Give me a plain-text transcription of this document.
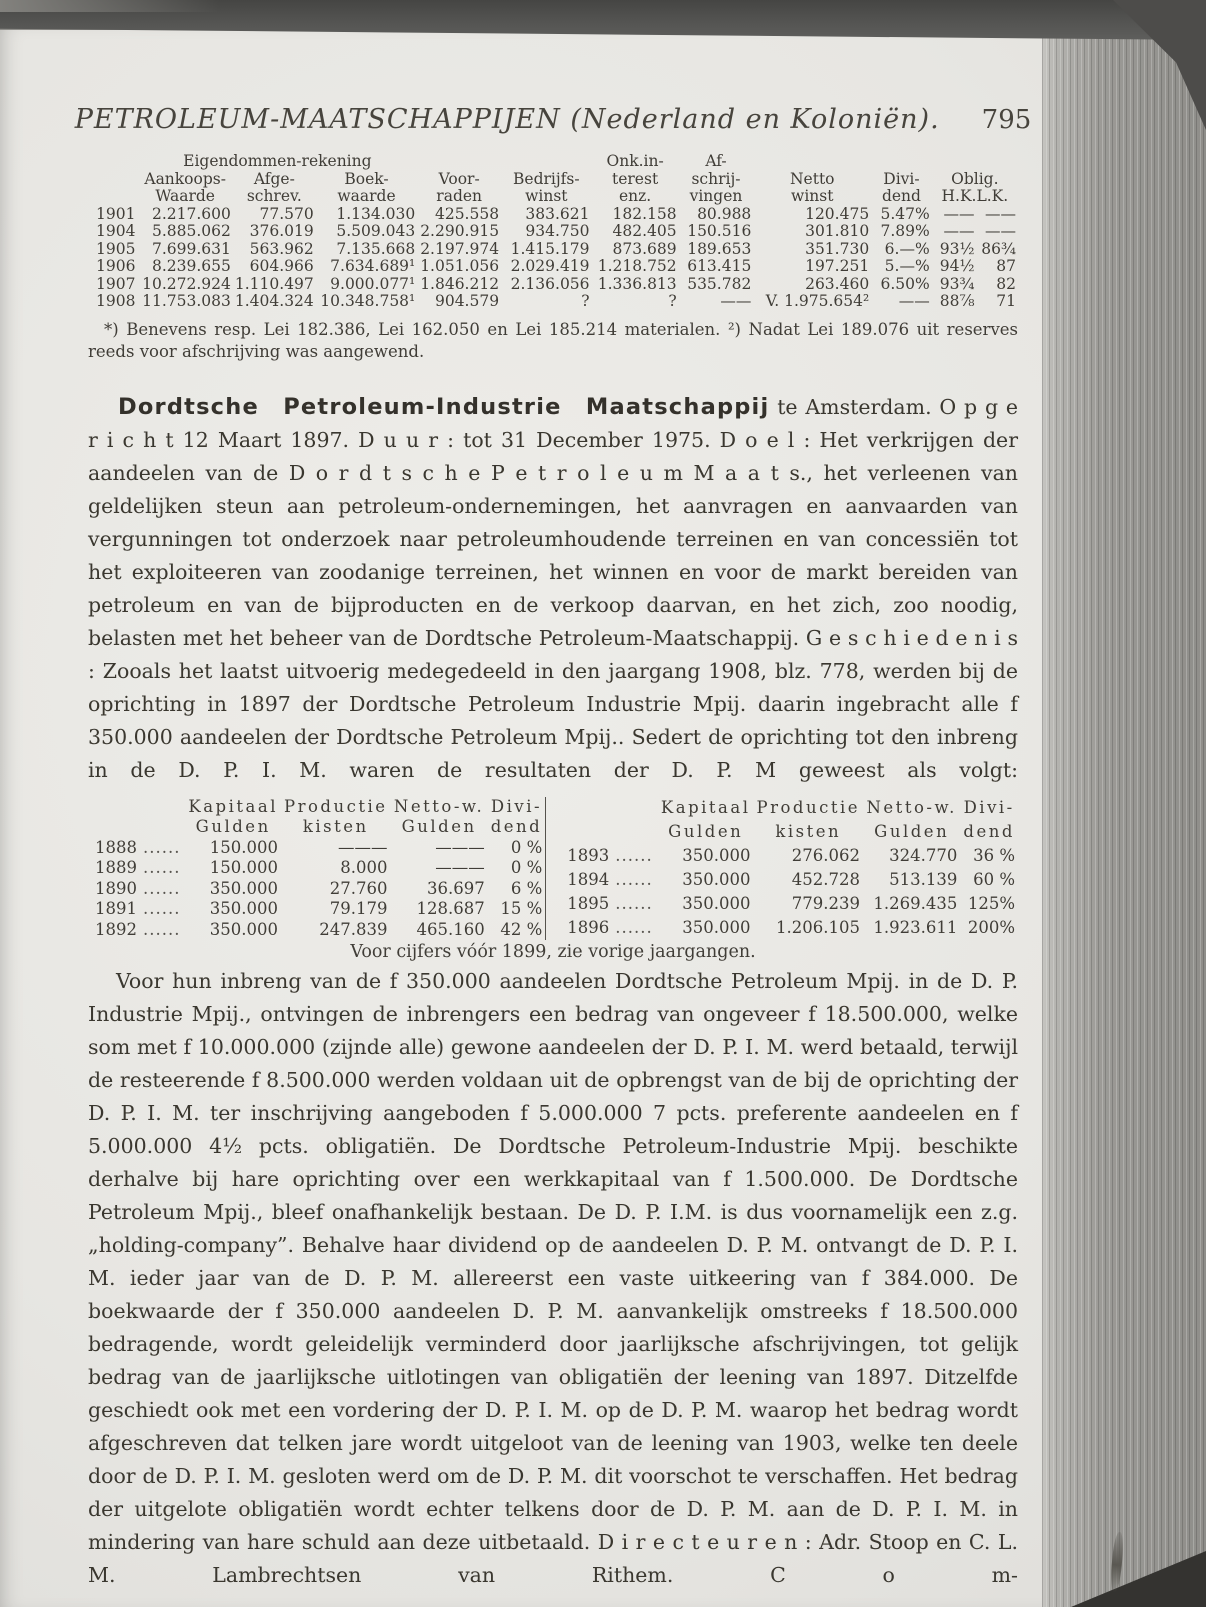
PETROLEUM-MAATSCHAPPIJEN (Nederland en Koloniën). 795
	Eigendommen-rekening					Onk.in-	Af-				
	Aankoops-	Afge-	Boek-	Voor-	Bedrijfs-	terest	schrij-	Netto	Divi-	Oblig.	
	Waarde	schrev.	waarde	raden	winst	enz.	vingen	winst	dend	H.K.L.K.	
1901	2.217.600	77.570	1.134.030	425.558	383.621	182.158	80.988	120.475	5.47%	——	——
1904	5.885.062	376.019	5.509.043	2.290.915	934.750	482.405	150.516	301.810	7.89%	——	——
1905	7.699.631	563.962	7.135.668	2.197.974	1.415.179	873.689	189.653	351.730	6.—%	93½	86¾
1906	8.239.655	604.966	7.634.689¹	1.051.056	2.029.419	1.218.752	613.415	197.251	5.—%	94½	87
1907	10.272.924	1.110.497	9.000.077¹	1.846.212	2.136.056	1.336.813	535.782	263.460	6.50%	93¾	82
1908	11.753.083	1.404.324	10.348.758¹	904.579	?	?	——	V. 1.975.654²	——	88⅞	71

*) Benevens resp. Lei 182.386, Lei 162.050 en Lei 185.214 materialen. ²) Nadat Lei 189.076 uit reserves reeds voor afschrijving was aangewend.

Dordtsche Petroleum-Industrie Maatschappij te Amsterdam. O p g e r i c h t 12 Maart 1897. D u u r : tot 31 December 1975. D o e l : Het verkrijgen der aandeelen van de D o r d t s c h e P e t r o l e u m M a a t s., het verleenen van geldelijken steun aan petroleum-ondernemingen, het aanvragen en aanvaarden van vergunningen tot onderzoek naar petroleumhoudende terreinen en van concessiën tot het exploiteeren van zoodanige terreinen, het winnen en voor de markt bereiden van petroleum en van de bijproducten en de verkoop daarvan, en het zich, zoo noodig, belasten met het beheer van de Dordtsche Petroleum-Maatschappij. G e s c h i e d e n i s : Zooals het laatst uitvoerig medegedeeld in den jaargang 1908, blz. 778, werden bij de oprichting in 1897 der Dordtsche Petroleum Industrie Mpij. daarin ingebracht alle f 350.000 aandeelen der Dordtsche Petroleum Mpij.. Sedert de oprichting tot den inbreng in de D. P. I. M. waren de resultaten der D. P. M geweest als volgt:

		Kapitaal	Productie	Netto-w.	Divi-
		Gulden	kisten	Gulden	dend
1888	......	150.000	———	———	0 %
1889	......	150.000	8.000	———	0 %
1890	......	350.000	27.760	36.697	6 %
1891	......	350.000	79.179	128.687	15 %
1892	......	350.000	247.839	465.160	42 %
		Kapitaal	Productie	Netto-w.	Divi-
		Gulden	kisten	Gulden	dend
1893	......	350.000	276.062	324.770	36 %
1894	......	350.000	452.728	513.139	60 %
1895	......	350.000	779.239	1.269.435	125%
1896	......	350.000	1.206.105	1.923.611	200%
Voor cijfers vóór 1899, zie vorige jaargangen.

Voor hun inbreng van de f 350.000 aandeelen Dordtsche Petroleum Mpij. in de D. P. Industrie Mpij., ontvingen de inbrengers een bedrag van ongeveer f 18.500.000, welke som met f 10.000.000 (zijnde alle) gewone aandeelen der D. P. I. M. werd betaald, terwijl de resteerende f 8.500.000 werden voldaan uit de opbrengst van de bij de oprichting der D. P. I. M. ter inschrijving aangeboden f 5.000.000 7 pcts. preferente aandeelen en f 5.000.000 4½ pcts. obligatiën. De Dordtsche Petroleum-Industrie Mpij. beschikte derhalve bij hare oprichting over een werkkapitaal van f 1.500.000. De Dordtsche Petroleum Mpij., bleef onafhankelijk bestaan. De D. P. I.M. is dus voornamelijk een z.g. „holding-company”. Behalve haar dividend op de aandeelen D. P. M. ontvangt de D. P. I. M. ieder jaar van de D. P. M. allereerst een vaste uitkeering van f 384.000. De boekwaarde der f 350.000 aandeelen D. P. M. aanvankelijk omstreeks f 18.500.000 bedragende, wordt geleidelijk verminderd door jaarlijksche afschrijvingen, tot gelijk bedrag van de jaarlijksche uitlotingen van obligatiën der leening van 1897. Ditzelfde geschiedt ook met een vordering der D. P. I. M. op de D. P. M. waarop het bedrag wordt afgeschreven dat telken jare wordt uitgeloot van de leening van 1903, welke ten deele door de D. P. I. M. gesloten werd om de D. P. M. dit voorschot te verschaffen. Het bedrag der uitgelote obligatiën wordt echter telkens door de D. P. M. aan de D. P. I. M. in mindering van hare schuld aan deze uitbetaald. D i r e c t e u r e n : Adr. Stoop en C. L. M. Lambrechtsen van Rithem. C o m-
